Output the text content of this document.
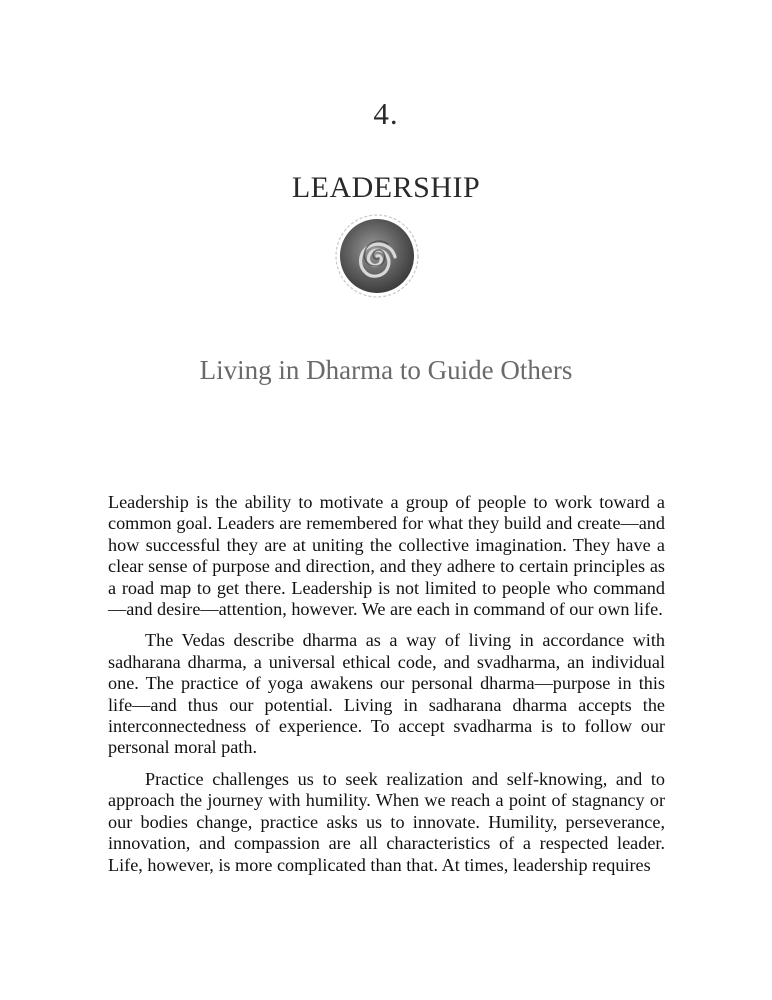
4.
LEADERSHIP
Living in Dharma to Guide Others

Leadership is the ability to motivate a group of people to work toward a common goal. Leaders are remembered for what they build and create—and how successful they are at uniting the collective imagination. They have a clear sense of purpose and direction, and they adhere to certain principles as a road map to get there. Leadership is not limited to people who command—and desire—attention, however. We are each in command of our own life.

The Vedas describe dharma as a way of living in accordance with sadharana dharma, a universal ethical code, and svadharma, an individual one. The practice of yoga awakens our personal dharma—purpose in this life—and thus our potential. Living in sadharana dharma accepts the interconnectedness of experience. To accept svadharma is to follow our personal moral path.

Practice challenges us to seek realization and self-knowing, and to approach the journey with humility. When we reach a point of stagnancy or our bodies change, practice asks us to innovate. Humility, perseverance, innovation, and compassion are all characteristics of a respected leader. Life, however, is more complicated than that. At times, leadership requires
